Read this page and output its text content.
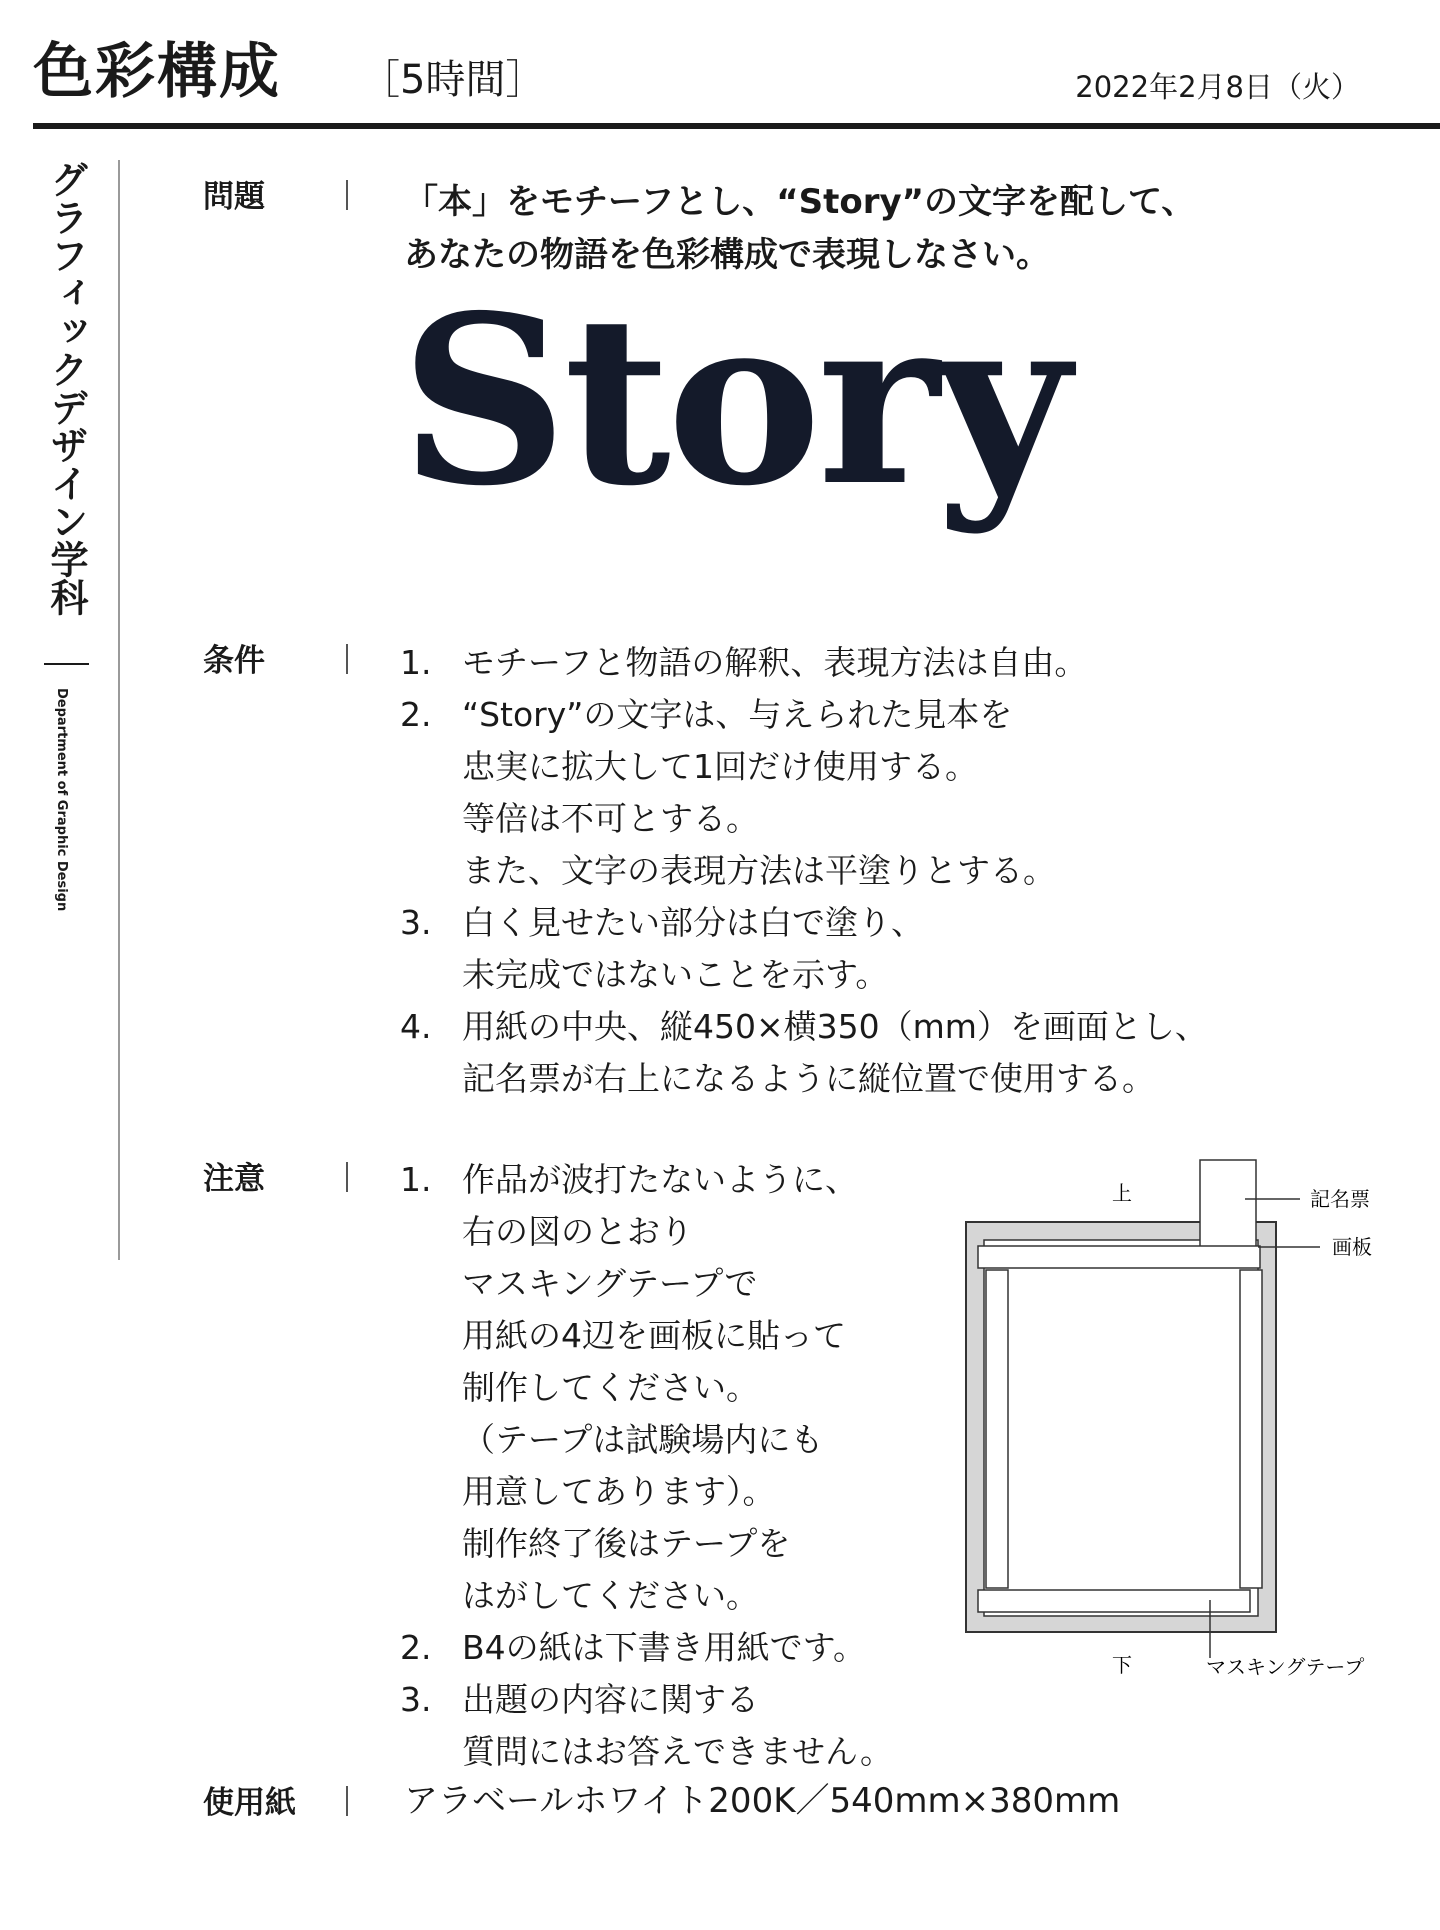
色彩構成 ［5時間］	2022年2月8日（火）
グラフィックデザイン学科
Department of Graphic Design
問題	「本」をモチーフとし、“Story”の文字を配して、
あなたの物語を色彩構成で表現しなさい。
Story
条件	1. モチーフと物語の解釈、表現方法は自由。
2. “Story”の文字は、与えられた見本を
忠実に拡大して1回だけ使用する。
等倍は不可とする。
また、文字の表現方法は平塗りとする。
3. 白く見せたい部分は白で塗り、
未完成ではないことを示す。
4. 用紙の中央、縦450×横350（mm）を画面とし、
記名票が右上になるように縦位置で使用する。
注意	1. 作品が波打たないように、
右の図のとおり
マスキングテープで
用紙の4辺を画板に貼って
制作してください。
（テープは試験場内にも
用意してあります）。
制作終了後はテープを
はがしてください。
2. B4の紙は下書き用紙です。
3. 出題の内容に関する
質問にはお答えできません。
上
下
記名票
画板
マスキングテープ
使用紙	アラベールホワイト200K／540mm×380mm
